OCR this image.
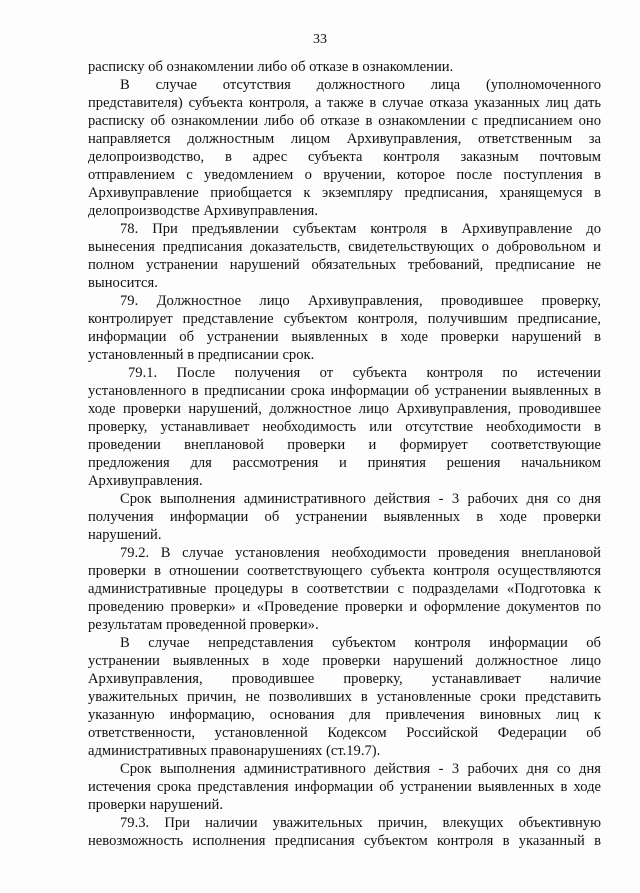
33
расписку об ознакомлении либо об отказе в ознакомлении.
В случае отсутствия должностного лица (уполномоченного
представителя) субъекта контроля, а также в случае отказа указанных лиц дать
расписку об ознакомлении либо об отказе в ознакомлении с предписанием оно
направляется должностным лицом Архивуправления, ответственным за
делопроизводство, в адрес субъекта контроля заказным почтовым
отправлением с уведомлением о вручении, которое после поступления в
Архивуправление приобщается к экземпляру предписания, хранящемуся в
делопроизводстве Архивуправления.
78. При предъявлении субъектам контроля в Архивуправление до
вынесения предписания доказательств, свидетельствующих о добровольном и
полном устранении нарушений обязательных требований, предписание не
выносится.
79. Должностное лицо Архивуправления, проводившее проверку,
контролирует представление субъектом контроля, получившим предписание,
информации об устранении выявленных в ходе проверки нарушений в
установленный в предписании срок.
79.1. После получения от субъекта контроля по истечении
установленного в предписании срока информации об устранении выявленных в
ходе проверки нарушений, должностное лицо Архивуправления, проводившее
проверку, устанавливает необходимость или отсутствие необходимости в
проведении внеплановой проверки и формирует соответствующие
предложения для рассмотрения и принятия решения начальником
Архивуправления.
Срок выполнения административного действия - 3 рабочих дня со дня
получения информации об устранении выявленных в ходе проверки
нарушений.
79.2. В случае установления необходимости проведения внеплановой
проверки в отношении соответствующего субъекта контроля осуществляются
административные процедуры в соответствии с подразделами «Подготовка к
проведению проверки» и «Проведение проверки и оформление документов по
результатам проведенной проверки».
В случае непредставления субъектом контроля информации об
устранении выявленных в ходе проверки нарушений должностное лицо
Архивуправления, проводившее проверку, устанавливает наличие
уважительных причин, не позволивших в установленные сроки представить
указанную информацию, основания для привлечения виновных лиц к
ответственности, установленной Кодексом Российской Федерации об
административных правонарушениях (ст.19.7).
Срок выполнения административного действия - 3 рабочих дня со дня
истечения срока представления информации об устранении выявленных в ходе
проверки нарушений.
79.3. При наличии уважительных причин, влекущих объективную
невозможность исполнения предписания субъектом контроля в указанный в
